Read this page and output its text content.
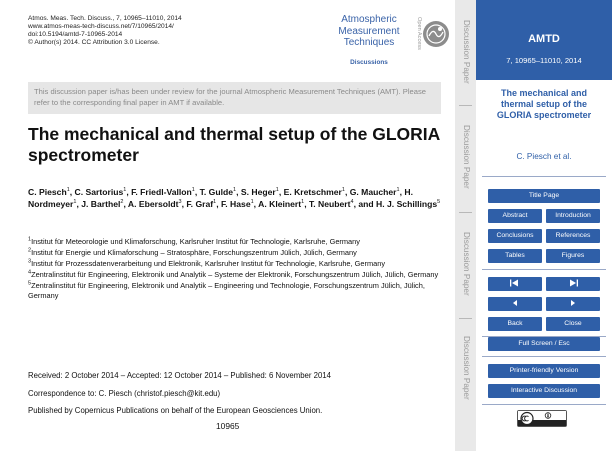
Atmos. Meas. Tech. Discuss., 7, 10965–11010, 2014
www.atmos-meas-tech-discuss.net/7/10965/2014/
doi:10.5194/amtd-7-10965-2014
© Author(s) 2014. CC Attribution 3.0 License.
Atmospheric
Measurement
Techniques
Discussions
Open Access
This discussion paper is/has been under review for the journal Atmospheric Measurement Techniques (AMT). Please refer to the corresponding final paper in AMT if available.
The mechanical and thermal setup of the GLORIA spectrometer
C. Piesch$^1$, C. Sartorius$^1$, F. Friedl-Vallon$^1$, T. Gulde$^1$, S. Heger$^1$, E. Kretschmer$^1$, G. Maucher$^1$, H. Nordmeyer$^1$, J. Barthel$^2$, A. Ebersoldt$^3$, F. Graf$^1$, F. Hase$^1$, A. Kleinert$^1$, T. Neubert$^4$, and H. J. Schillings$^5$
$^1$Institut für Meteorologie und Klimaforschung, Karlsruher Institut für Technologie, Karlsruhe, Germany
$^2$Institut für Energie und Klimaforschung – Stratosphäre, Forschungszentrum Jülich, Jülich, Germany
$^3$Institut für Prozessdatenverarbeitung und Elektronik, Karlsruher Institut für Technologie, Karlsruhe, Germany
$^4$Zentralinstitut für Engineering, Elektronik und Analytik – Systeme der Elektronik, Forschungszentrum Jülich, Jülich, Germany
$^5$Zentralinstitut für Engineering, Elektronik und Analytik – Engineering und Technologie, Forschungszentrum Jülich, Jülich, Germany
Received: 2 October 2014 – Accepted: 12 October 2014 – Published: 6 November 2014
Correspondence to: C. Piesch (christof.piesch@kit.edu)
Published by Copernicus Publications on behalf of the European Geosciences Union.
10965
Discussion Paper
Discussion Paper
Discussion Paper
Discussion Paper
AMTD
7, 10965–11010, 2014
The mechanical and thermal setup of the GLORIA spectrometer
C. Piesch et al.
Title Page
Abstract	Introduction
Conclusions	References
Tables	Figures
Back	Close
Full Screen / Esc
Printer-friendly Version
Interactive Discussion
